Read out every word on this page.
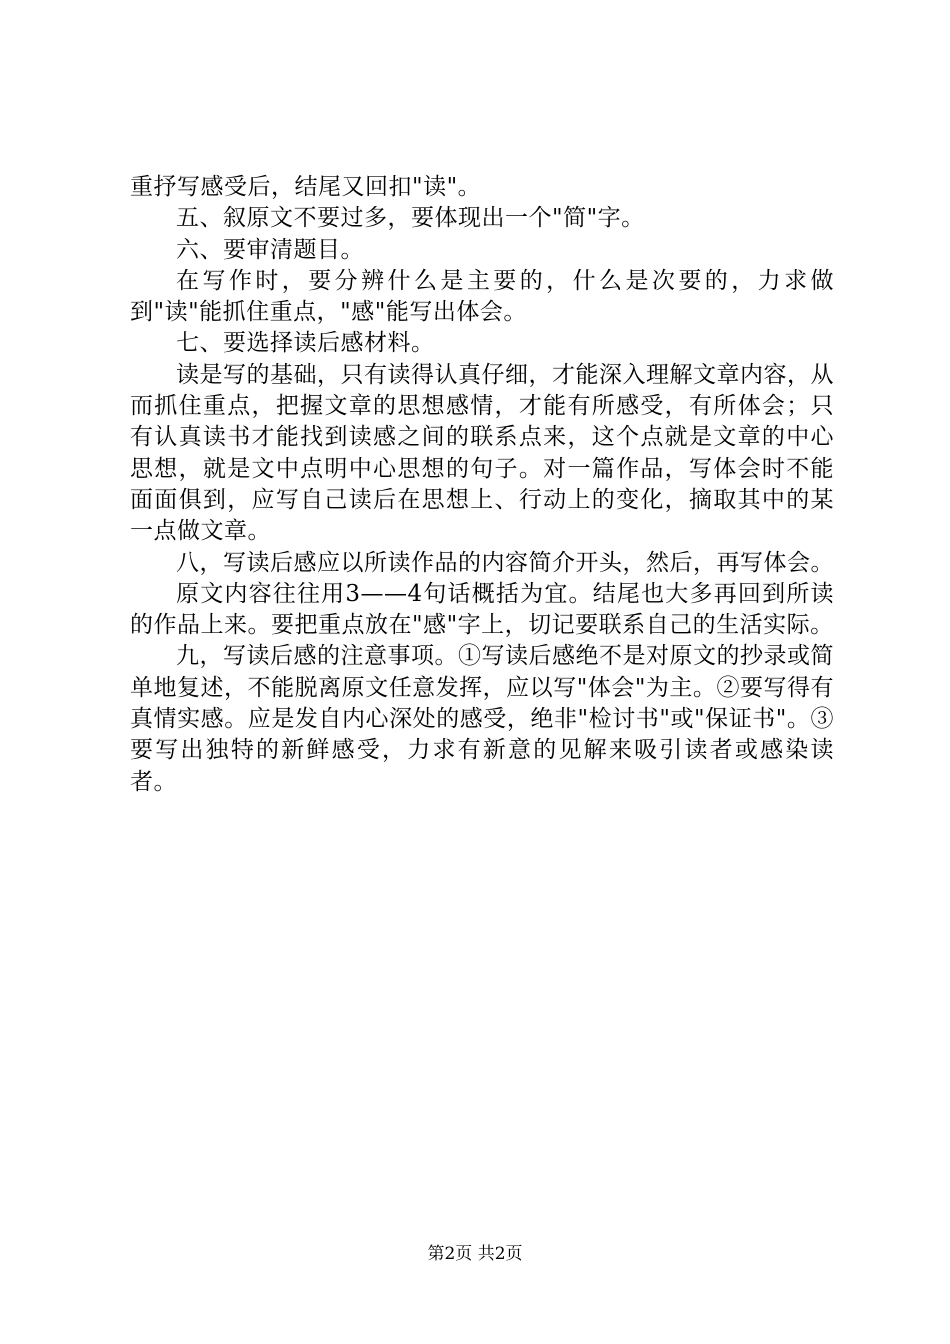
重抒写感受后，结尾又回扣"读"。

五、叙原文不要过多，要体现出一个"简"字。

六、要审清题目。

在写作时，要分辨什么是主要的，什么是次要的，力求做到"读"能抓住重点，"感"能写出体会。

七、要选择读后感材料。

读是写的基础，只有读得认真仔细，才能深入理解文章内容，从而抓住重点，把握文章的思想感情，才能有所感受，有所体会；只有认真读书才能找到读感之间的联系点来，这个点就是文章的中心思想，就是文中点明中心思想的句子。对一篇作品，写体会时不能面面俱到，应写自己读后在思想上、行动上的变化，摘取其中的某一点做文章。

八，写读后感应以所读作品的内容简介开头，然后，再写体会。

原文内容往往用3——4句话概括为宜。结尾也大多再回到所读的作品上来。要把重点放在"感"字上，切记要联系自己的生活实际。

九，写读后感的注意事项。①写读后感绝不是对原文的抄录或简单地复述，不能脱离原文任意发挥，应以写"体会"为主。②要写得有真情实感。应是发自内心深处的感受，绝非"检讨书"或"保证书"。③要写出独特的新鲜感受，力求有新意的见解来吸引读者或感染读者。

第2页 共2页
